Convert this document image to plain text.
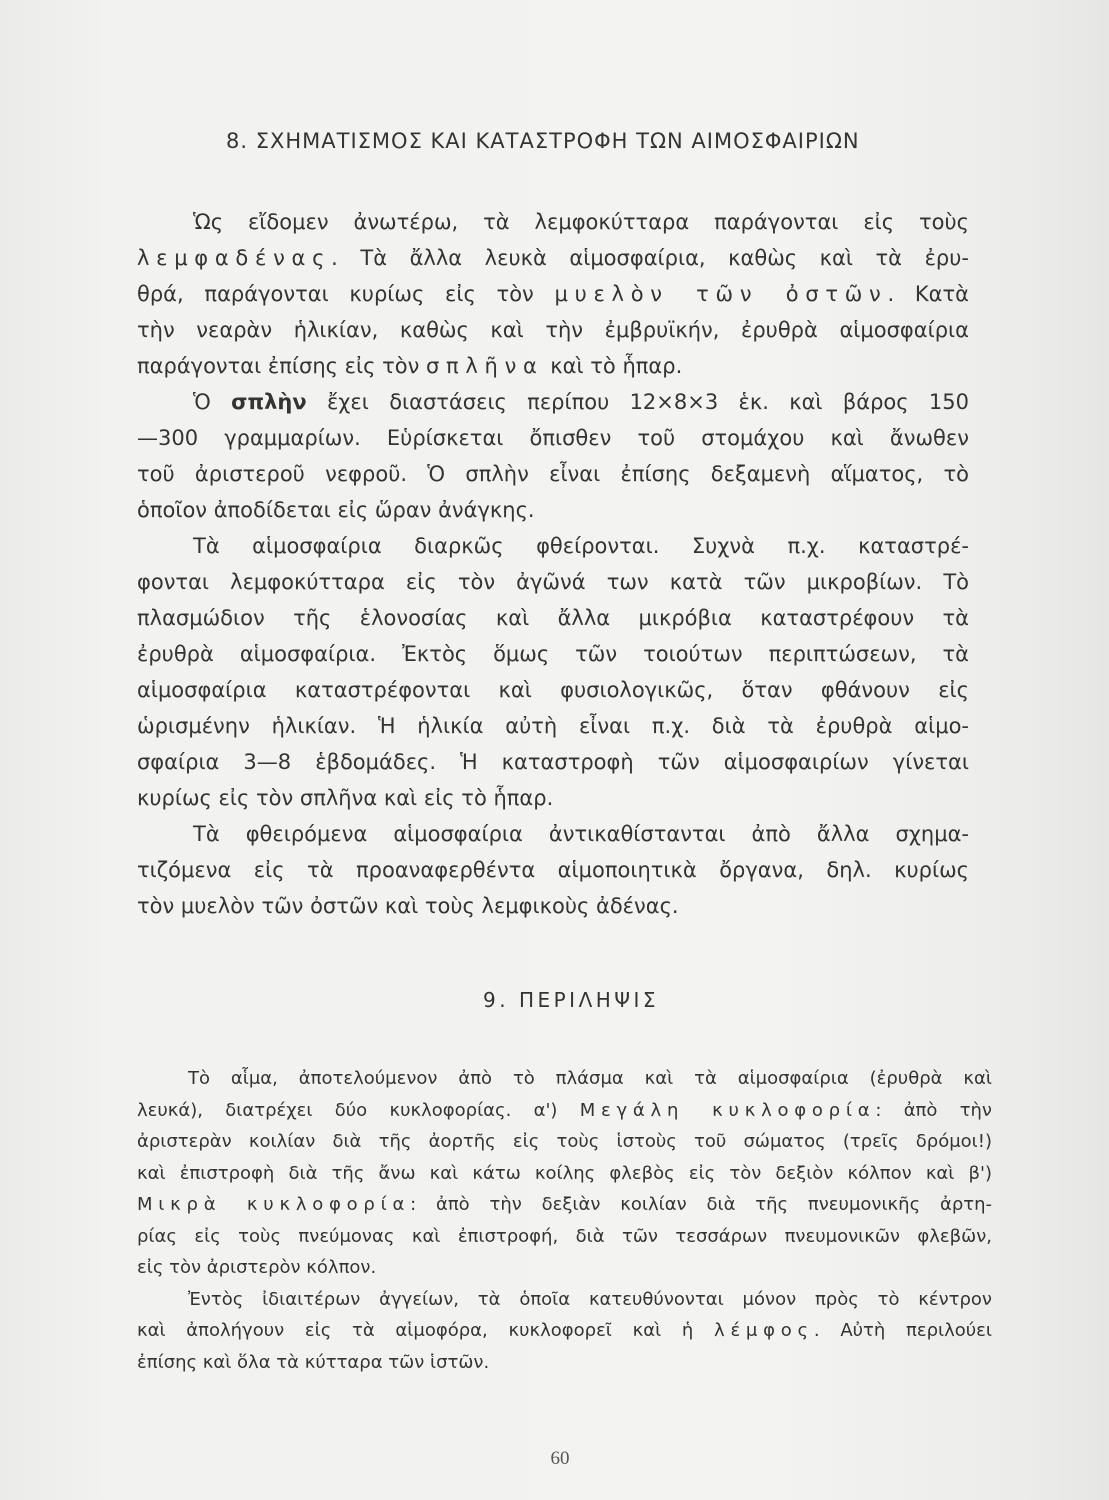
8. ΣΧΗΜΑΤΙΣΜΟΣ ΚΑΙ ΚΑΤΑΣΤΡΟΦΗ ΤΩΝ ΑΙΜΟΣΦΑΙΡΙΩΝ
Ὡς εἴδομεν ἀνωτέρω, τὰ λεμφοκύτταρα παράγονται εἰς τοὺς
λεμφαδένας. Τὰ ἄλλα λευκὰ αἱμοσφαίρια, καθὼς καὶ τὰ ἐρυ-
θρά, παράγονται κυρίως εἰς τὸν μυελὸν τῶν ὀστῶν. Κατὰ
τὴν νεαρὰν ἡλικίαν, καθὼς καὶ τὴν ἐμβρυϊκήν, ἐρυθρὰ αἱμοσφαίρια
παράγονται ἐπίσης εἰς τὸν σπλῆνα καὶ τὸ ἧπαρ.
Ὁ σπλὴν ἔχει διαστάσεις περίπου 12×8×3 ἑκ. καὶ βάρος 150
—300 γραμμαρίων. Εὑρίσκεται ὄπισθεν τοῦ στομάχου καὶ ἄνωθεν
τοῦ ἀριστεροῦ νεφροῦ. Ὁ σπλὴν εἶναι ἐπίσης δεξαμενὴ αἵματος, τὸ
ὁποῖον ἀποδίδεται εἰς ὥραν ἀνάγκης.
Τὰ αἱμοσφαίρια διαρκῶς φθείρονται. Συχνὰ π.χ. καταστρέ-
φονται λεμφοκύτταρα εἰς τὸν ἀγῶνά των κατὰ τῶν μικροβίων. Τὸ
πλασμώδιον τῆς ἑλονοσίας καὶ ἄλλα μικρόβια καταστρέφουν τὰ
ἐρυθρὰ αἱμοσφαίρια. Ἐκτὸς ὅμως τῶν τοιούτων περιπτώσεων, τὰ
αἱμοσφαίρια καταστρέφονται καὶ φυσιολογικῶς, ὅταν φθάνουν εἰς
ὡρισμένην ἡλικίαν. Ἡ ἡλικία αὐτὴ εἶναι π.χ. διὰ τὰ ἐρυθρὰ αἱμο-
σφαίρια 3—8 ἑβδομάδες. Ἡ καταστροφὴ τῶν αἱμοσφαιρίων γίνεται
κυρίως εἰς τὸν σπλῆνα καὶ εἰς τὸ ἧπαρ.
Τὰ φθειρόμενα αἱμοσφαίρια ἀντικαθίστανται ἀπὸ ἄλλα σχημα-
τιζόμενα εἰς τὰ προαναφερθέντα αἱμοποιητικὰ ὄργανα, δηλ. κυρίως
τὸν μυελὸν τῶν ὀστῶν καὶ τοὺς λεμφικοὺς ἀδένας.
9. ΠΕΡΙΛΗΨΙΣ
Τὸ αἷμα, ἀποτελούμενον ἀπὸ τὸ πλάσμα καὶ τὰ αἱμοσφαίρια (ἐρυθρὰ καὶ
λευκά), διατρέχει δύο κυκλοφορίας. α') Μεγάλη κυκλοφορία: ἀπὸ τὴν
ἀριστερὰν κοιλίαν διὰ τῆς ἀορτῆς εἰς τοὺς ἱστοὺς τοῦ σώματος (τρεῖς δρόμοι!)
καὶ ἐπιστροφὴ διὰ τῆς ἄνω καὶ κάτω κοίλης φλεβὸς εἰς τὸν δεξιὸν κόλπον καὶ β')
Μικρὰ κυκλοφορία: ἀπὸ τὴν δεξιὰν κοιλίαν διὰ τῆς πνευμονικῆς ἀρτη-
ρίας εἰς τοὺς πνεύμονας καὶ ἐπιστροφή, διὰ τῶν τεσσάρων πνευμονικῶν φλεβῶν,
εἰς τὸν ἀριστερὸν κόλπον.
Ἐντὸς ἰδιαιτέρων ἀγγείων, τὰ ὁποῖα κατευθύνονται μόνον πρὸς τὸ κέντρον
καὶ ἀπολήγουν εἰς τὰ αἱμοφόρα, κυκλοφορεῖ καὶ ἡ λέμφος. Αὐτὴ περιλούει
ἐπίσης καὶ ὅλα τὰ κύτταρα τῶν ἱστῶν.
60
